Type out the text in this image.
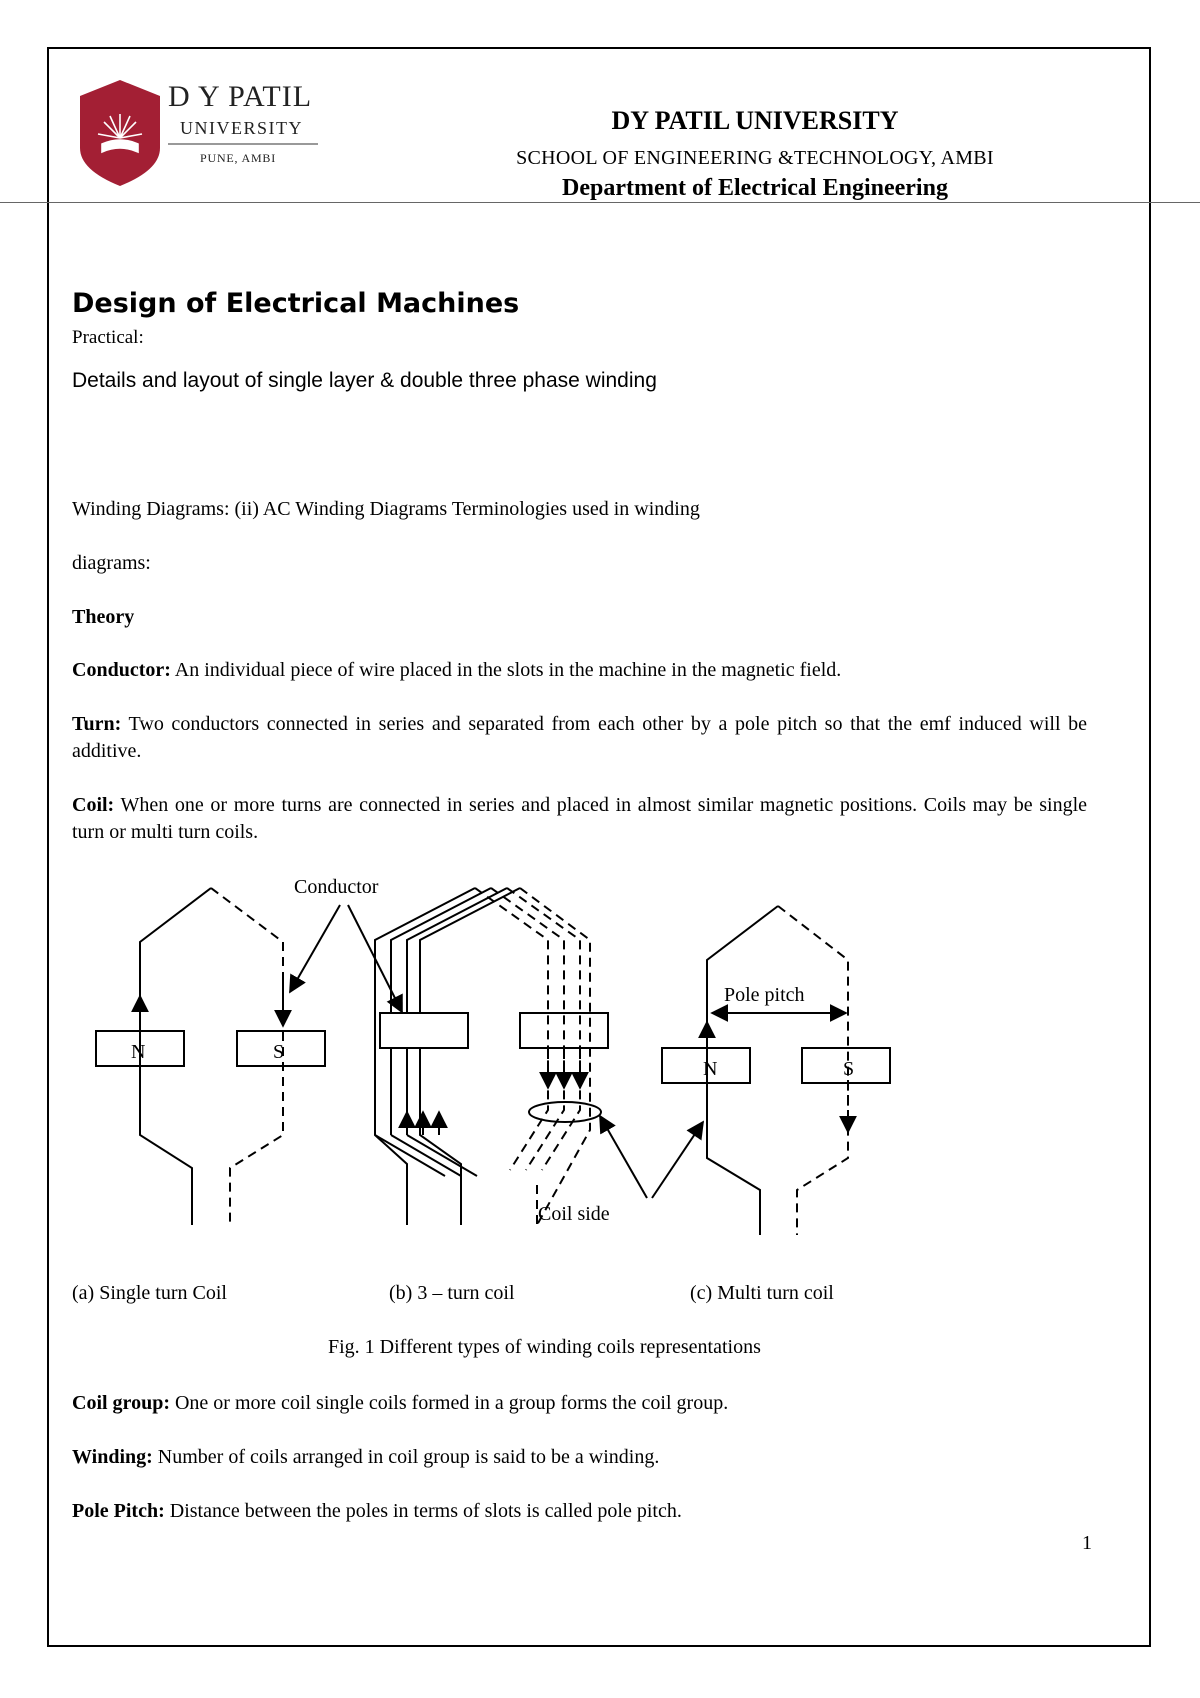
D Y PATIL
UNIVERSITY
PUNE, AMBI
DY PATIL UNIVERSITY
SCHOOL OF ENGINEERING &TECHNOLOGY, AMBI
Department of Electrical Engineering
Design of Electrical Machines
Practical:
Details and layout of single layer & double three phase winding
Winding Diagrams: (ii) AC Winding Diagrams Terminologies used in winding
diagrams:
Theory
Conductor: An individual piece of wire placed in the slots in the machine in the magnetic field.
Turn: Two conductors connected in series and separated from each other by a pole pitch so that the emf induced will be additive.
Coil: When one or more turns are connected in series and placed in almost similar magnetic positions. Coils may be single turn or multi turn coils.
Conductor
Pole pitch
Coil side
N	S
N	S
(a) Single turn Coil	(b) 3 – turn coil	(c) Multi turn coil
Fig. 1 Different types of winding coils representations
Coil group: One or more coil single coils formed in a group forms the coil group.
Winding: Number of coils arranged in coil group is said to be a winding.
Pole Pitch: Distance between the poles in terms of slots is called pole pitch.
1
